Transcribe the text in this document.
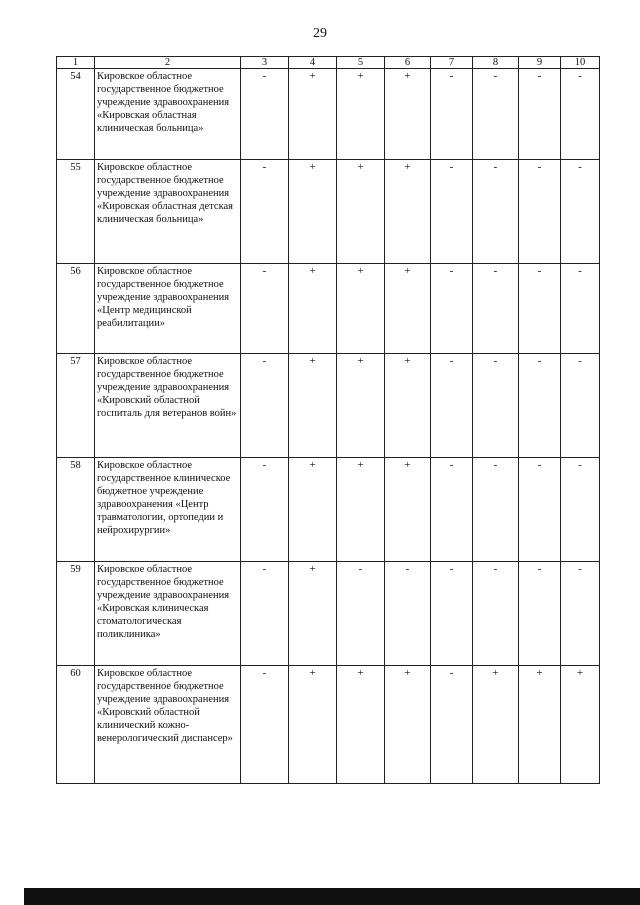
29
1	2	3	4	5	6	7	8	9	10
54	Кировское областное государственное бюджетное учреждение здравоохранения «Кировская областная клиническая больница»	-	+	+	+	-	-	-	-
55	Кировское областное государственное бюджетное учреждение здравоохранения «Кировская областная детская клиническая больница»	-	+	+	+	-	-	-	-
56	Кировское областное государственное бюджетное учреждение здравоохранения «Центр медицинской реабилитации»	-	+	+	+	-	-	-	-
57	Кировское областное государственное бюджетное учреждение здравоохранения «Кировский областной госпиталь для ветеранов войн»	-	+	+	+	-	-	-	-
58	Кировское областное государственное клиническое бюджетное учреждение здравоохранения «Центр травматологии, ортопедии и нейрохирургии»	-	+	+	+	-	-	-	-
59	Кировское областное государственное бюджетное учреждение здравоохранения «Кировская клиническая стоматологическая поликлиника»	-	+	-	-	-	-	-	-
60	Кировское областное государственное бюджетное учреждение здравоохранения «Кировский областной клинический кожно-венерологический диспансер»	-	+	+	+	-	+	+	+
